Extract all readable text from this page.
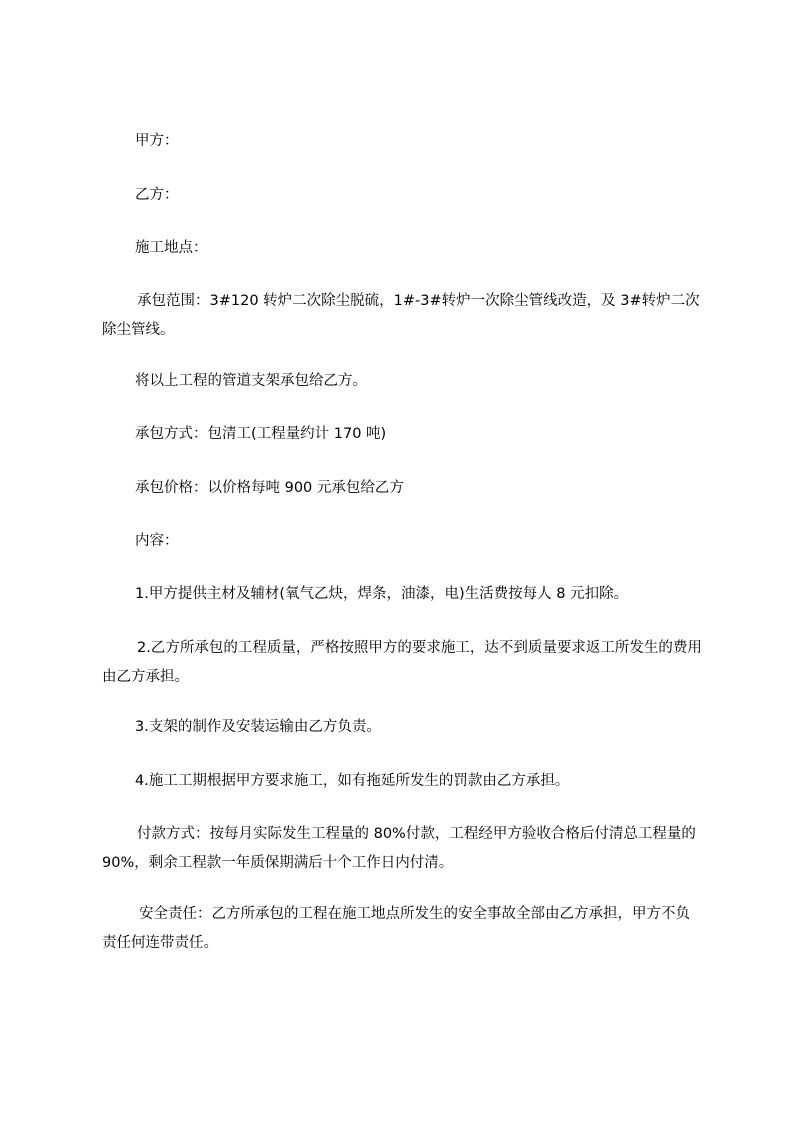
甲方：

乙方：

施工地点：

承包范围：3#120 转炉二次除尘脱硫，1#-3#转炉一次除尘管线改造，及 3#转炉二次除尘管线。

将以上工程的管道支架承包给乙方。

承包方式：包清工(工程量约计 170 吨)

承包价格：以价格每吨 900 元承包给乙方

内容：

1.甲方提供主材及辅材(氧气乙炔，焊条，油漆，电)生活费按每人 8 元扣除。

2.乙方所承包的工程质量，严格按照甲方的要求施工，达不到质量要求返工所发生的费用由乙方承担。

3.支架的制作及安装运输由乙方负责。

4.施工工期根据甲方要求施工，如有拖延所发生的罚款由乙方承担。

付款方式：按每月实际发生工程量的 80%付款，工程经甲方验收合格后付清总工程量的 90%，剩余工程款一年质保期满后十个工作日内付清。

安全责任：乙方所承包的工程在施工地点所发生的安全事故全部由乙方承担，甲方不负责任何连带责任。
